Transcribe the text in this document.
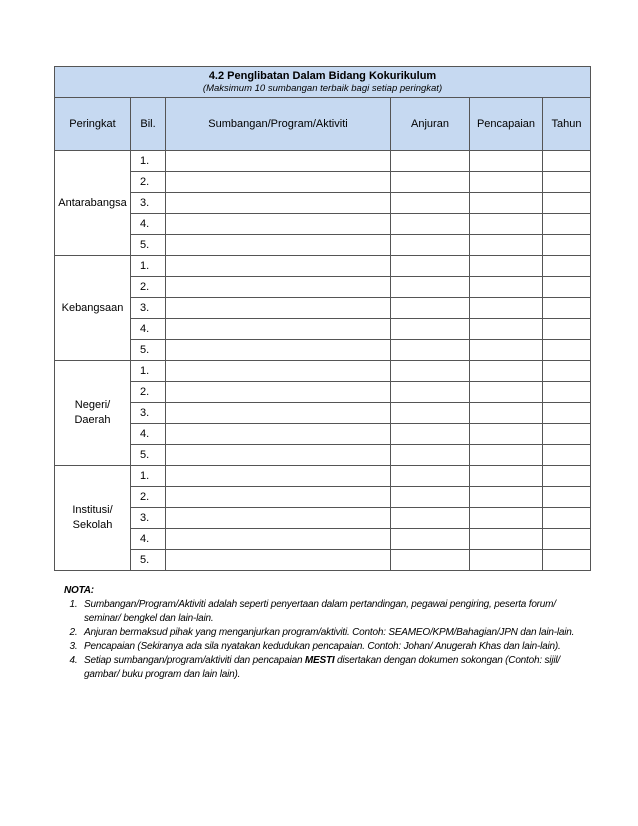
4.2 Penglibatan Dalam Bidang Kokurikulum
(Maksimum 10 sumbangan terbaik bagi setiap peringkat)					

Peringkat	Bil.	Sumbangan/Program/Aktiviti	Anjuran	Pencapaian	Tahun

Antarabangsa	1.				
	2.				
	3.				
	4.				
	5.				

Kebangsaan	1.				
	2.				
	3.				
	4.				
	5.				

Negeri/
Daerah	1.				
	2.				
	3.				
	4.				
	5.				

Institusi/
Sekolah	1.				
	2.				
	3.				
	4.				
	5.				
NOTA:
1. Sumbangan/Program/Aktiviti adalah seperti penyertaan dalam pertandingan, pegawai pengiring, peserta forum/ seminar/ bengkel dan lain-lain.
2. Anjuran bermaksud pihak yang menganjurkan program/aktiviti. Contoh: SEAMEO/KPM/Bahagian/JPN dan lain-lain.
3. Pencapaian (Sekiranya ada sila nyatakan kedudukan pencapaian. Contoh: Johan/ Anugerah Khas dan lain-lain).
4. Setiap sumbangan/program/aktiviti dan pencapaian MESTI disertakan dengan dokumen sokongan (Contoh: sijil/ gambar/ buku program dan lain lain).
